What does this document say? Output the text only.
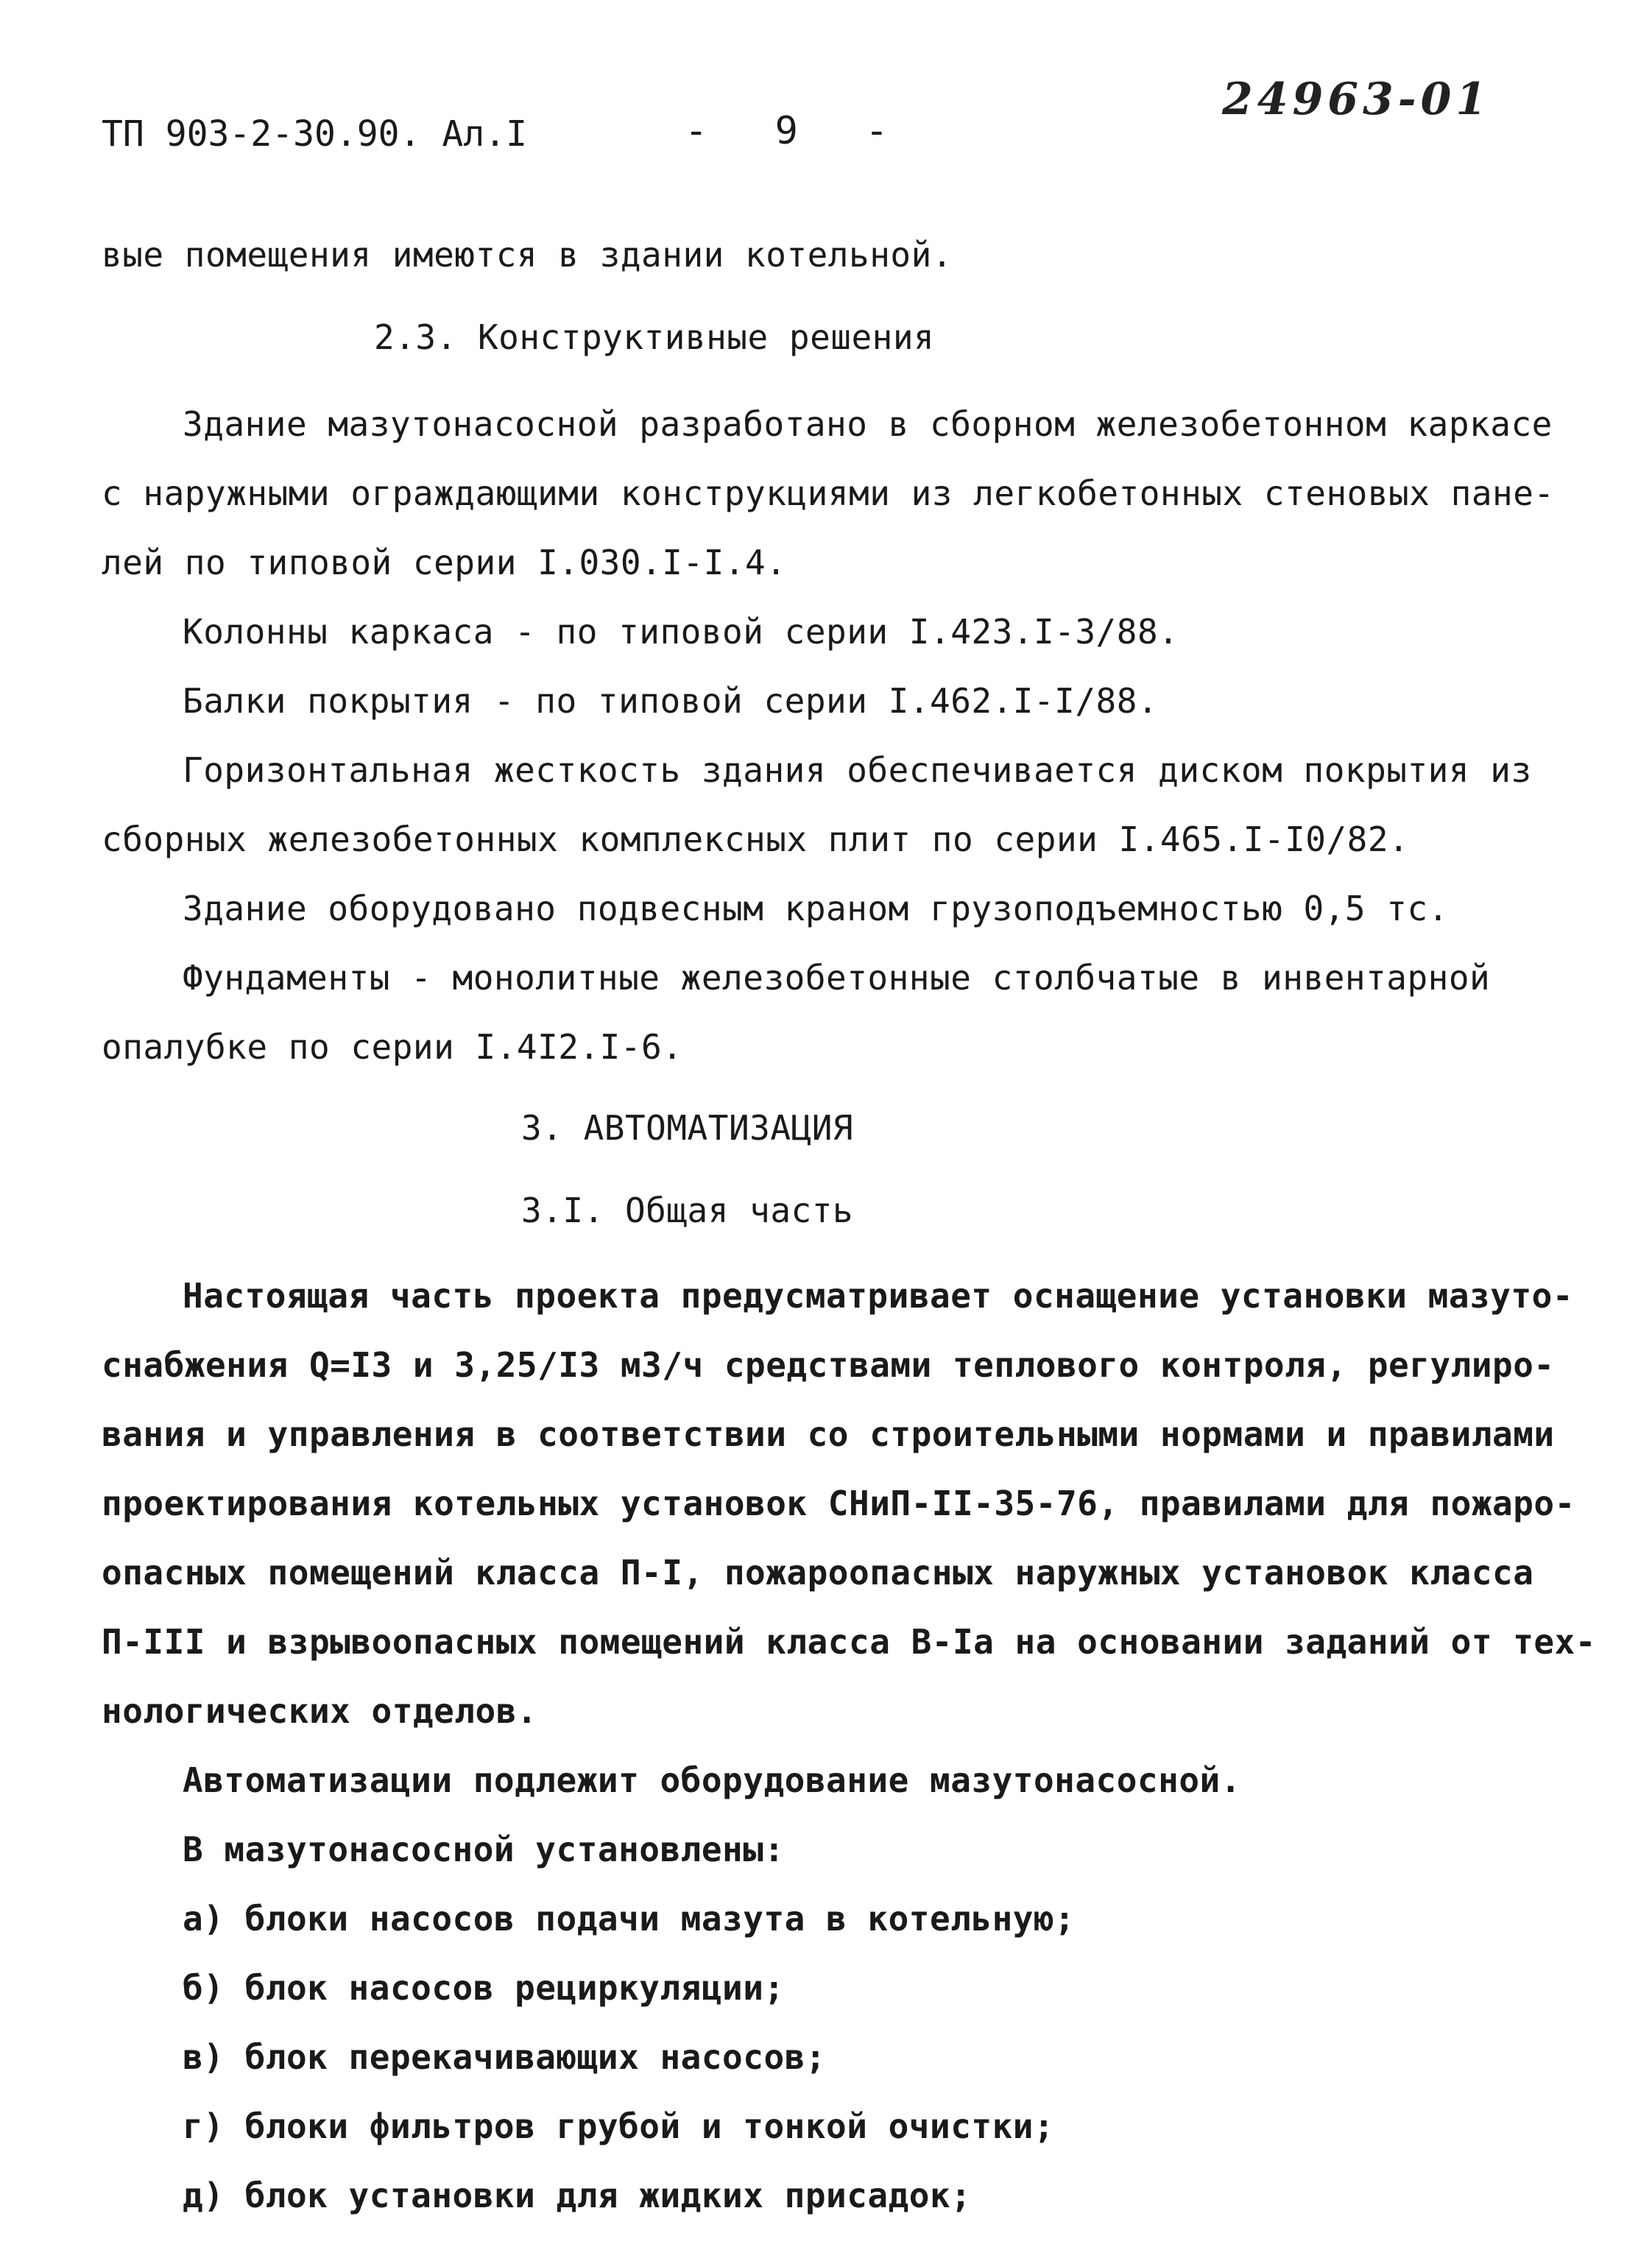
ТП 903-2-30.90. Ал.I	- 9 -
24963-01
вые помещения имеются в здании котельной.
2.3. Конструктивные решения
Здание мазутонасосной разработано в сборном железобетонном каркасе
с наружными ограждающими конструкциями из легкобетонных стеновых пане-
лей по типовой серии I.030.I-I.4.
Колонны каркаса - по типовой серии I.423.I-3/88.
Балки покрытия - по типовой серии I.462.I-I/88.
Горизонтальная жесткость здания обеспечивается диском покрытия из
сборных железобетонных комплексных плит по серии I.465.I-I0/82.
Здание оборудовано подвесным краном грузоподъемностью 0,5 тс.
Фундаменты - монолитные железобетонные столбчатые в инвентарной
опалубке по серии I.4I2.I-6.
3. АВТОМАТИЗАЦИЯ
3.I. Общая часть
Настоящая часть проекта предусматривает оснащение установки мазуто-
снабжения Q=I3 и 3,25/I3 м3/ч средствами теплового контроля, регулиро-
вания и управления в соответствии со строительными нормами и правилами
проектирования котельных установок СНиП-II-35-76, правилами для пожаро-
опасных помещений класса П-I, пожароопасных наружных установок класса
П-III и взрывоопасных помещений класса В-Iа на основании заданий от тех-
нологических отделов.
Автоматизации подлежит оборудование мазутонасосной.
В мазутонасосной установлены:
а) блоки насосов подачи мазута в котельную;
б) блок насосов рециркуляции;
в) блок перекачивающих насосов;
г) блоки фильтров грубой и тонкой очистки;
д) блок установки для жидких присадок;
